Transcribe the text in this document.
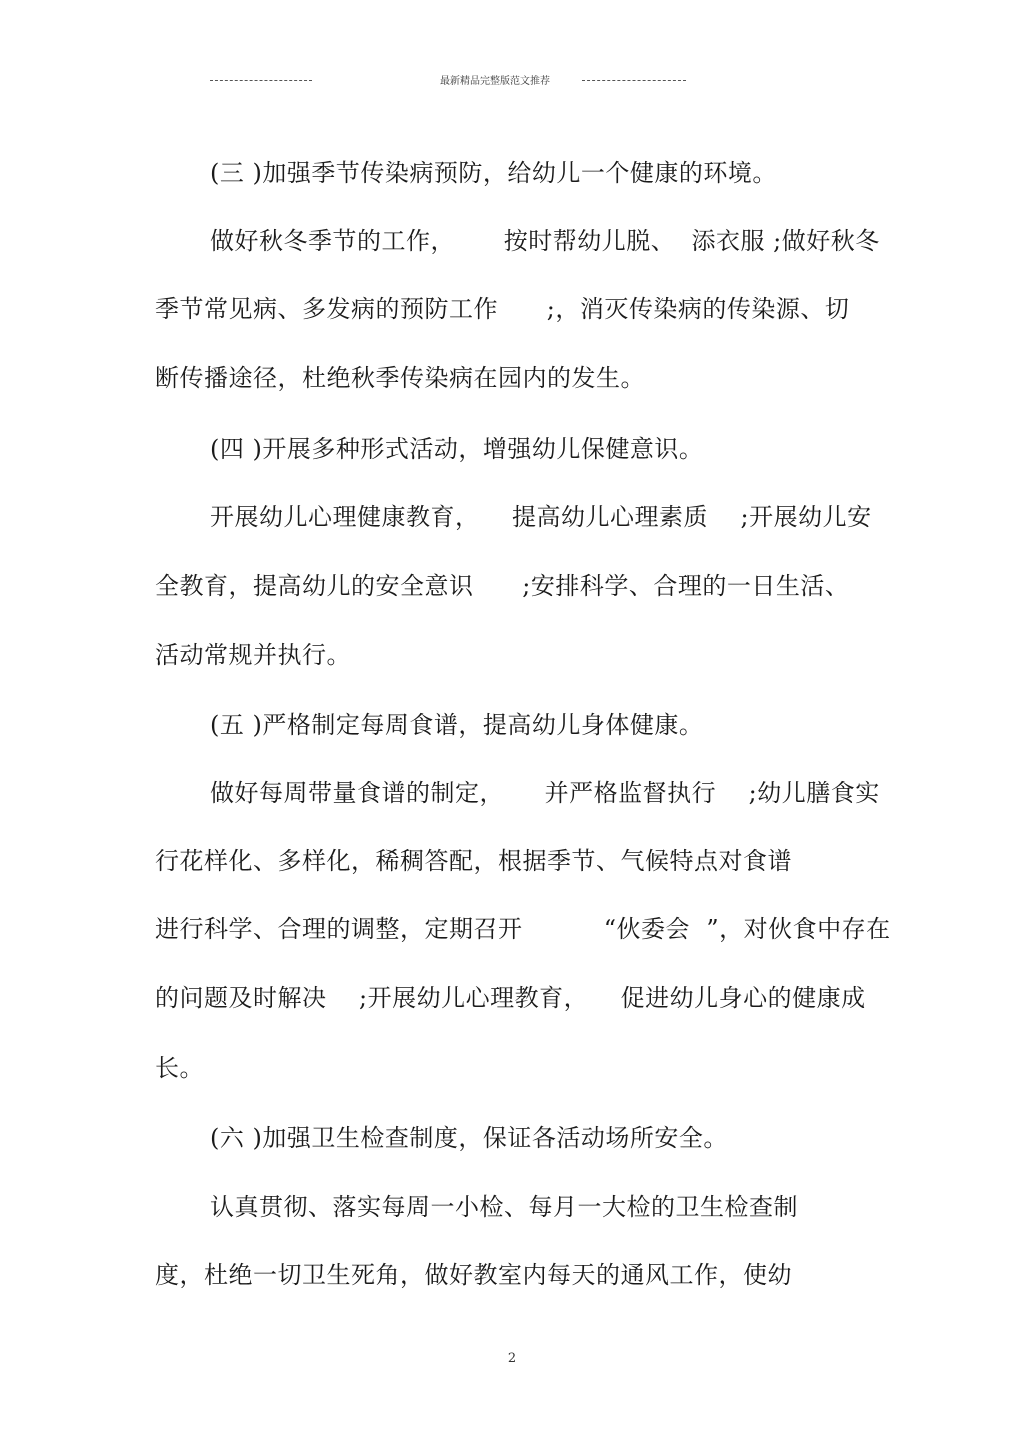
最新精品完整版范文推荐
(三 )加强季节传染病预防，给幼儿一个健康的环境。
做好秋冬季节的工作，      按时帮幼儿脱、  添衣服 ;做好秋冬
季节常见病、多发病的预防工作      ;，消灭传染病的传染源、切
断传播途径，杜绝秋季传染病在园内的发生。
(四 )开展多种形式活动，增强幼儿保健意识。
开展幼儿心理健康教育，    提高幼儿心理素质    ;开展幼儿安
全教育，提高幼儿的安全意识      ;安排科学、合理的一日生活、
活动常规并执行。
(五 )严格制定每周食谱，提高幼儿身体健康。
做好每周带量食谱的制定，     并严格监督执行    ;幼儿膳食实
行花样化、多样化，稀稠答配，根据季节、气候特点对食谱
进行科学、合理的调整，定期召开          “伙委会  ”，对伙食中存在
的问题及时解决    ;开展幼儿心理教育，    促进幼儿身心的健康成
长。
(六 )加强卫生检查制度，保证各活动场所安全。
认真贯彻、落实每周一小检、每月一大检的卫生检查制
度，杜绝一切卫生死角，做好教室内每天的通风工作，使幼
2
